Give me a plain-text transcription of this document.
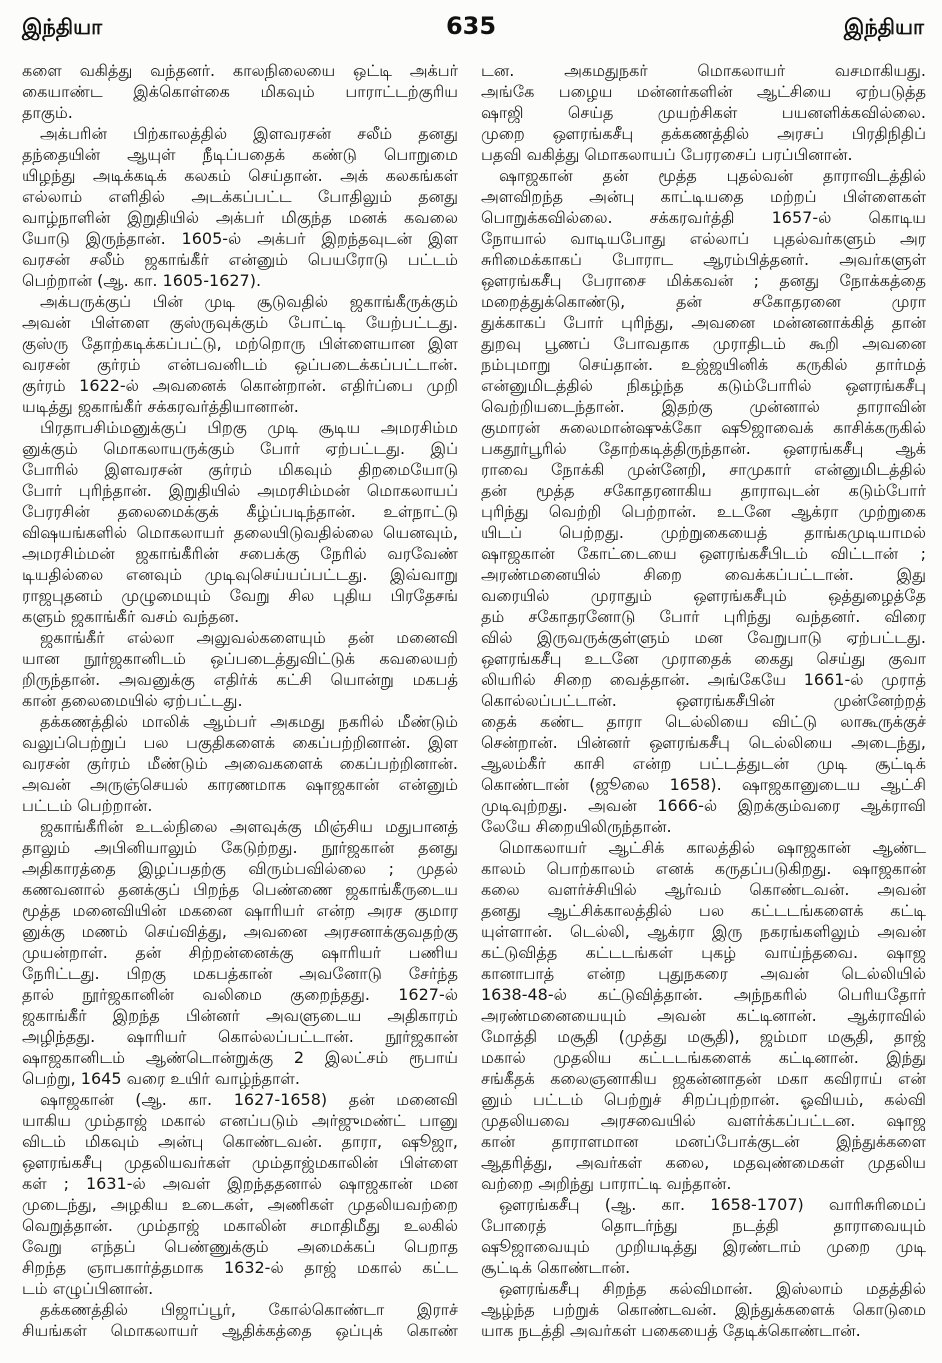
இந்தியா	635	இந்தியா
களை வகித்து வந்தனர். காலநிலையை ஒட்டி அக்பர்
கையாண்ட இக்கொள்கை மிகவும் பாராட்டற்குரிய
தாகும்.
அக்பரின் பிற்காலத்தில் இளவரசன் சலீம் தனது
தந்தையின் ஆயுள் நீடிப்பதைக் கண்டு பொறுமை
யிழந்து அடிக்கடிக் கலகம் செய்தான். அக் கலகங்கள்
எல்லாம் எளிதில் அடக்கப்பட்ட போதிலும் தனது
வாழ்நாளின் இறுதியில் அக்பர் மிகுந்த மனக் கவலை
யோடு இருந்தான். 1605-ல் அக்பர் இறந்தவுடன் இள
வரசன் சலீம் ஜகாங்கீர் என்னும் பெயரோடு பட்டம்
பெற்றான் (ஆ. கா. 1605-1627).
அக்பருக்குப் பின் முடி சூடுவதில் ஜகாங்கீருக்கும்
அவன் பிள்ளை குஸ்ருவுக்கும் போட்டி யேற்பட்டது.
குஸ்ரு தோற்கடிக்கப்பட்டு, மற்றொரு பிள்ளையான இள
வரசன் குர்ரம் என்பவனிடம் ஒப்படைக்கப்பட்டான்.
குர்ரம் 1622-ல் அவனைக் கொன்றான். எதிர்ப்பை முறி
யடித்து ஜகாங்கீர் சக்கரவர்த்தியானான்.
பிரதாபசிம்மனுக்குப் பிறகு முடி சூடிய அமரசிம்ம
னுக்கும் மொகலாயருக்கும் போர் ஏற்பட்டது. இப்
போரில் இளவரசன் குர்ரம் மிகவும் திறமையோடு
போர் புரிந்தான். இறுதியில் அமரசிம்மன் மொகலாயப்
பேரரசின் தலைமைக்குக் கீழ்ப்படிந்தான். உள்நாட்டு
விஷயங்களில் மொகலாயர் தலையிடுவதில்லை யெனவும்,
அமரசிம்மன் ஜகாங்கீரின் சபைக்கு நேரில் வரவேண்
டியதில்லை எனவும் முடிவுசெய்யப்பட்டது. இவ்வாறு
ராஜபுதனம் முழுமையும் வேறு சில புதிய பிரதேசங்
களும் ஜகாங்கீர் வசம் வந்தன.
ஜகாங்கீர் எல்லா அலுவல்களையும் தன் மனைவி
யான நூர்ஜகானிடம் ஒப்படைத்துவிட்டுக் கவலையற்
றிருந்தான். அவனுக்கு எதிர்க் கட்சி யொன்று மகபத்
கான் தலைமையில் ஏற்பட்டது.
தக்கணத்தில் மாலிக் ஆம்பர் அகமது நகரில் மீண்டும்
வலுப்பெற்றுப் பல பகுதிகளைக் கைப்பற்றினான். இள
வரசன் குர்ரம் மீண்டும் அவைகளைக் கைப்பற்றினான்.
அவன் அருஞ்செயல் காரணமாக ஷாஜகான் என்னும்
பட்டம் பெற்றான்.
ஜகாங்கீரின் உடல்நிலை அளவுக்கு மிஞ்சிய மதுபானத்
தாலும் அபினியாலும் கேடுற்றது. நூர்ஜகான் தனது
அதிகாரத்தை இழப்பதற்கு விரும்பவில்லை ; முதல்
கணவனால் தனக்குப் பிறந்த பெண்ணை ஜகாங்கீருடைய
மூத்த மனைவியின் மகனை ஷாரியர் என்ற அரச குமார
னுக்கு மணம் செய்வித்து, அவனை அரசனாக்குவதற்கு
முயன்றாள். தன் சிற்றன்னைக்கு ஷாரியர் பணிய
நேரிட்டது. பிறகு மகபத்கான் அவனோடு சேர்ந்த
தால் நூர்ஜகானின் வலிமை குறைந்தது. 1627-ல்
ஜகாங்கீர் இறந்த பின்னர் அவளுடைய அதிகாரம்
அழிந்தது. ஷாரியர் கொல்லப்பட்டான். நூர்ஜகான்
ஷாஜகானிடம் ஆண்டொன்றுக்கு 2 இலட்சம் ரூபாய்
பெற்று, 1645 வரை உயிர் வாழ்ந்தாள்.
ஷாஜகான் (ஆ. கா. 1627-1658) தன் மனைவி
யாகிய மும்தாஜ் மகால் எனப்படும் அர்ஜுமண்ட் பானு
விடம் மிகவும் அன்பு கொண்டவன். தாரா, ஷூஜா,
ஔரங்கசீபு முதலியவர்கள் மும்தாஜ்மகாலின் பிள்ளை
கள் ; 1631-ல் அவள் இறந்ததனால் ஷாஜகான் மன
முடைந்து, அழகிய உடைகள், அணிகள் முதலியவற்றை
வெறுத்தான். மும்தாஜ் மகாலின் சமாதிமீது உலகில்
வேறு எந்தப் பெண்ணுக்கும் அமைக்கப் பெறாத
சிறந்த ஞாபகார்த்தமாக 1632-ல் தாஜ் மகால் கட்ட
டம் எழுப்பினான்.
தக்கணத்தில் பிஜாப்பூர், கோல்கொண்டா இராச்
சியங்கள் மொகலாயர் ஆதிக்கத்தை ஒப்புக் கொண்
டன. அகமதுநகர் மொகலாயர் வசமாகியது.
அங்கே பழைய மன்னர்களின் ஆட்சியை ஏற்படுத்த
ஷாஜி செய்த முயற்சிகள் பயனளிக்கவில்லை.
முறை ஔரங்கசீபு தக்கணத்தில் அரசப் பிரதிநிதிப்
பதவி வகித்து மொகலாயப் பேரரசைப் பரப்பினான்.
ஷாஜகான் தன் மூத்த புதல்வன் தாராவிடத்தில்
அளவிறந்த அன்பு காட்டியதை மற்றப் பிள்ளைகள்
பொறுக்கவில்லை. சக்கரவர்த்தி 1657-ல் கொடிய
நோயால் வாடியபோது எல்லாப் புதல்வர்களும் அர
சுரிமைக்காகப் போராட ஆரம்பித்தனர். அவர்களுள்
ஔரங்கசீபு பேராசை மிக்கவன் ; தனது நோக்கத்தை
மறைத்துக்கொண்டு, தன் சகோதரனை முரா
துக்காகப் போர் புரிந்து, அவனை மன்னனாக்கித் தான்
துறவு பூணப் போவதாக முராதிடம் கூறி அவனை
நம்புமாறு செய்தான். உஜ்ஜயினிக் கருகில் தார்மத்
என்னுமிடத்தில் நிகழ்ந்த கடும்போரில் ஔரங்கசீபு
வெற்றியடைந்தான். இதற்கு முன்னால் தாராவின்
குமாரன் சுலைமான்ஷுக்கோ ஷூஜாவைக் காசிக்கருகில்
பகதூர்பூரில் தோற்கடித்திருந்தான். ஔரங்கசீபு ஆக்
ராவை நோக்கி முன்னேறி, சாமுகார் என்னுமிடத்தில்
தன் மூத்த சகோதரனாகிய தாராவுடன் கடும்போர்
புரிந்து வெற்றி பெற்றான். உடனே ஆக்ரா முற்றுகை
யிடப் பெற்றது. முற்றுகையைத் தாங்கமுடியாமல்
ஷாஜகான் கோட்டையை ஔரங்கசீபிடம் விட்டான் ;
அரண்மனையில் சிறை வைக்கப்பட்டான். இது
வரையில் முராதும் ஔரங்கசீபும் ஒத்துழைத்தே
தம் சகோதரனோடு போர் புரிந்து வந்தனர். விரை
வில் இருவருக்குள்ளும் மன வேறுபாடு ஏற்பட்டது.
ஔரங்கசீபு உடனே முராதைக் கைது செய்து குவா
லியரில் சிறை வைத்தான். அங்கேயே 1661-ல் முராத்
கொல்லப்பட்டான். ஔரங்கசீபின் முன்னேற்றத்
தைக் கண்ட தாரா டெல்லியை விட்டு லாகூருக்குச்
சென்றான். பின்னர் ஔரங்கசீபு டெல்லியை அடைந்து,
ஆலம்கீர் காசி என்ற பட்டத்துடன் முடி சூட்டிக்
கொண்டான் (ஜூலை 1658). ஷாஜகானுடைய ஆட்சி
முடிவுற்றது. அவன் 1666-ல் இறக்கும்வரை ஆக்ராவி
லேயே சிறையிலிருந்தான்.
மொகலாயர் ஆட்சிக் காலத்தில் ஷாஜகான் ஆண்ட
காலம் பொற்காலம் எனக் கருதப்படுகிறது. ஷாஜகான்
கலை வளர்ச்சியில் ஆர்வம் கொண்டவன். அவன்
தனது ஆட்சிக்காலத்தில் பல கட்டடங்களைக் கட்டி
யுள்ளான். டெல்லி, ஆக்ரா இரு நகரங்களிலும் அவன்
கட்டுவித்த கட்டடங்கள் புகழ் வாய்ந்தவை. ஷாஜ
கானாபாத் என்ற புதுநகரை அவன் டெல்லியில்
1638-48-ல் கட்டுவித்தான். அந்நகரில் பெரியதோர்
அரண்மனையையும் அவன் கட்டினான். ஆக்ராவில்
மோத்தி மசூதி (முத்து மசூதி), ஜம்மா மசூதி, தாஜ்
மகால் முதலிய கட்டடங்களைக் கட்டினான். இந்து
சங்கீதக் கலைஞனாகிய ஜகன்னாதன் மகா கவிராய் என்
னும் பட்டம் பெற்றுச் சிறப்புற்றான். ஓவியம், கல்வி
முதலியவை அரசவையில் வளர்க்கப்பட்டன. ஷாஜ
கான் தாராளமான மனப்போக்குடன் இந்துக்களை
ஆதரித்து, அவர்கள் கலை, மதவுண்மைகள் முதலிய
வற்றை அறிந்து பாராட்டி வந்தான்.
ஔரங்கசீபு (ஆ. கா. 1658-1707) வாரிசுரிமைப்
போரைத் தொடர்ந்து நடத்தி தாராவையும்
ஷூஜாவையும் முறியடித்து இரண்டாம் முறை முடி
சூட்டிக் கொண்டான்.
ஔரங்கசீபு சிறந்த கல்விமான். இஸ்லாம் மதத்தில்
ஆழ்ந்த பற்றுக் கொண்டவன். இந்துக்களைக் கொடுமை
யாக நடத்தி அவர்கள் பகையைத் தேடிக்கொண்டான்.
